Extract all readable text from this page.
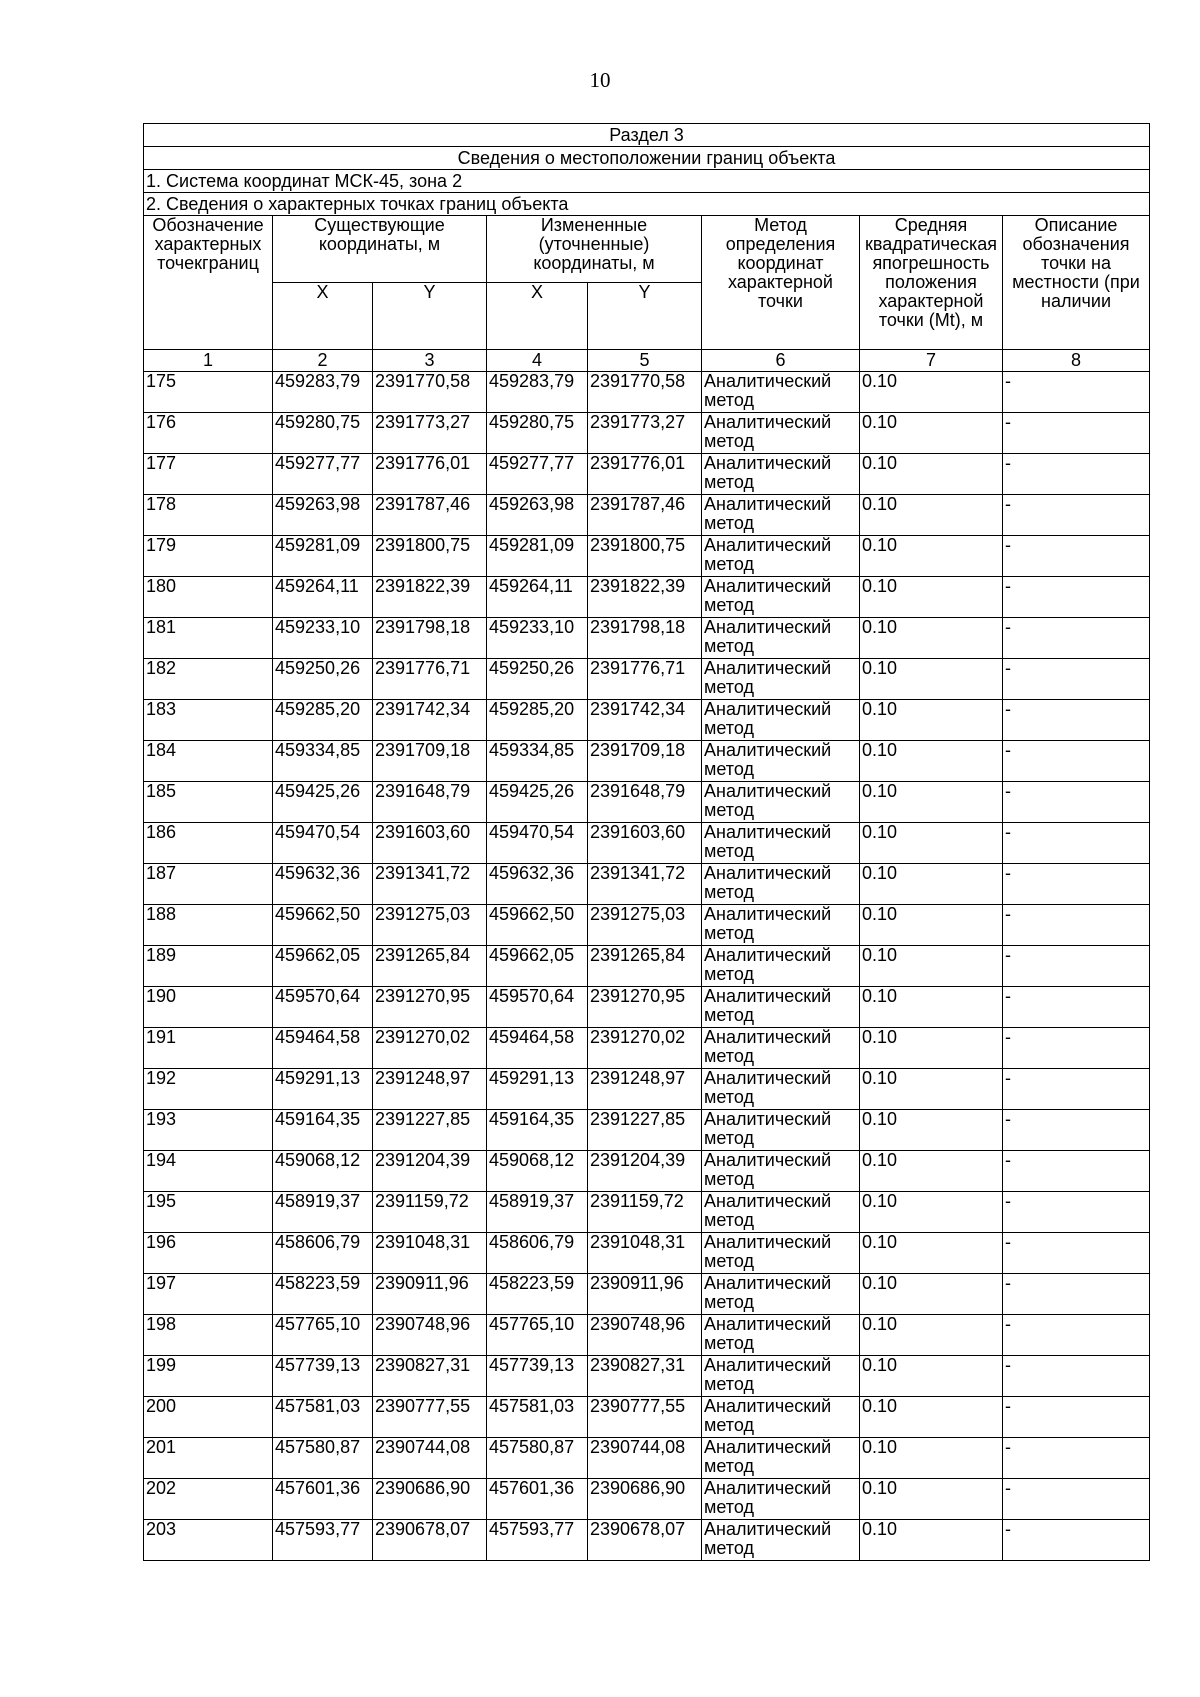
10
Раздел 3							
Сведения о местоположении границ объекта							
1. Система координат МСК-45, зона 2							
2. Сведения о характерных точках границ объекта							
Обозначение характерных точекграниц	Существующие координаты, м		Измененные (уточненные) координаты, м		Метод определения координат характерной точки	Средняя квадратическая япогрешность положения характерной точки (Mt), м	Описание обозначения точки на местности (при наличии
	X	Y	X	Y			
1	2	3	4	5	6	7	8
175	459283,79	2391770,58	459283,79	2391770,58	Аналитический метод	0.10	-
176	459280,75	2391773,27	459280,75	2391773,27	Аналитический метод	0.10	-
177	459277,77	2391776,01	459277,77	2391776,01	Аналитический метод	0.10	-
178	459263,98	2391787,46	459263,98	2391787,46	Аналитический метод	0.10	-
179	459281,09	2391800,75	459281,09	2391800,75	Аналитический метод	0.10	-
180	459264,11	2391822,39	459264,11	2391822,39	Аналитический метод	0.10	-
181	459233,10	2391798,18	459233,10	2391798,18	Аналитический метод	0.10	-
182	459250,26	2391776,71	459250,26	2391776,71	Аналитический метод	0.10	-
183	459285,20	2391742,34	459285,20	2391742,34	Аналитический метод	0.10	-
184	459334,85	2391709,18	459334,85	2391709,18	Аналитический метод	0.10	-
185	459425,26	2391648,79	459425,26	2391648,79	Аналитический метод	0.10	-
186	459470,54	2391603,60	459470,54	2391603,60	Аналитический метод	0.10	-
187	459632,36	2391341,72	459632,36	2391341,72	Аналитический метод	0.10	-
188	459662,50	2391275,03	459662,50	2391275,03	Аналитический метод	0.10	-
189	459662,05	2391265,84	459662,05	2391265,84	Аналитический метод	0.10	-
190	459570,64	2391270,95	459570,64	2391270,95	Аналитический метод	0.10	-
191	459464,58	2391270,02	459464,58	2391270,02	Аналитический метод	0.10	-
192	459291,13	2391248,97	459291,13	2391248,97	Аналитический метод	0.10	-
193	459164,35	2391227,85	459164,35	2391227,85	Аналитический метод	0.10	-
194	459068,12	2391204,39	459068,12	2391204,39	Аналитический метод	0.10	-
195	458919,37	2391159,72	458919,37	2391159,72	Аналитический метод	0.10	-
196	458606,79	2391048,31	458606,79	2391048,31	Аналитический метод	0.10	-
197	458223,59	2390911,96	458223,59	2390911,96	Аналитический метод	0.10	-
198	457765,10	2390748,96	457765,10	2390748,96	Аналитический метод	0.10	-
199	457739,13	2390827,31	457739,13	2390827,31	Аналитический метод	0.10	-
200	457581,03	2390777,55	457581,03	2390777,55	Аналитический метод	0.10	-
201	457580,87	2390744,08	457580,87	2390744,08	Аналитический метод	0.10	-
202	457601,36	2390686,90	457601,36	2390686,90	Аналитический метод	0.10	-
203	457593,77	2390678,07	457593,77	2390678,07	Аналитический метод	0.10	-
